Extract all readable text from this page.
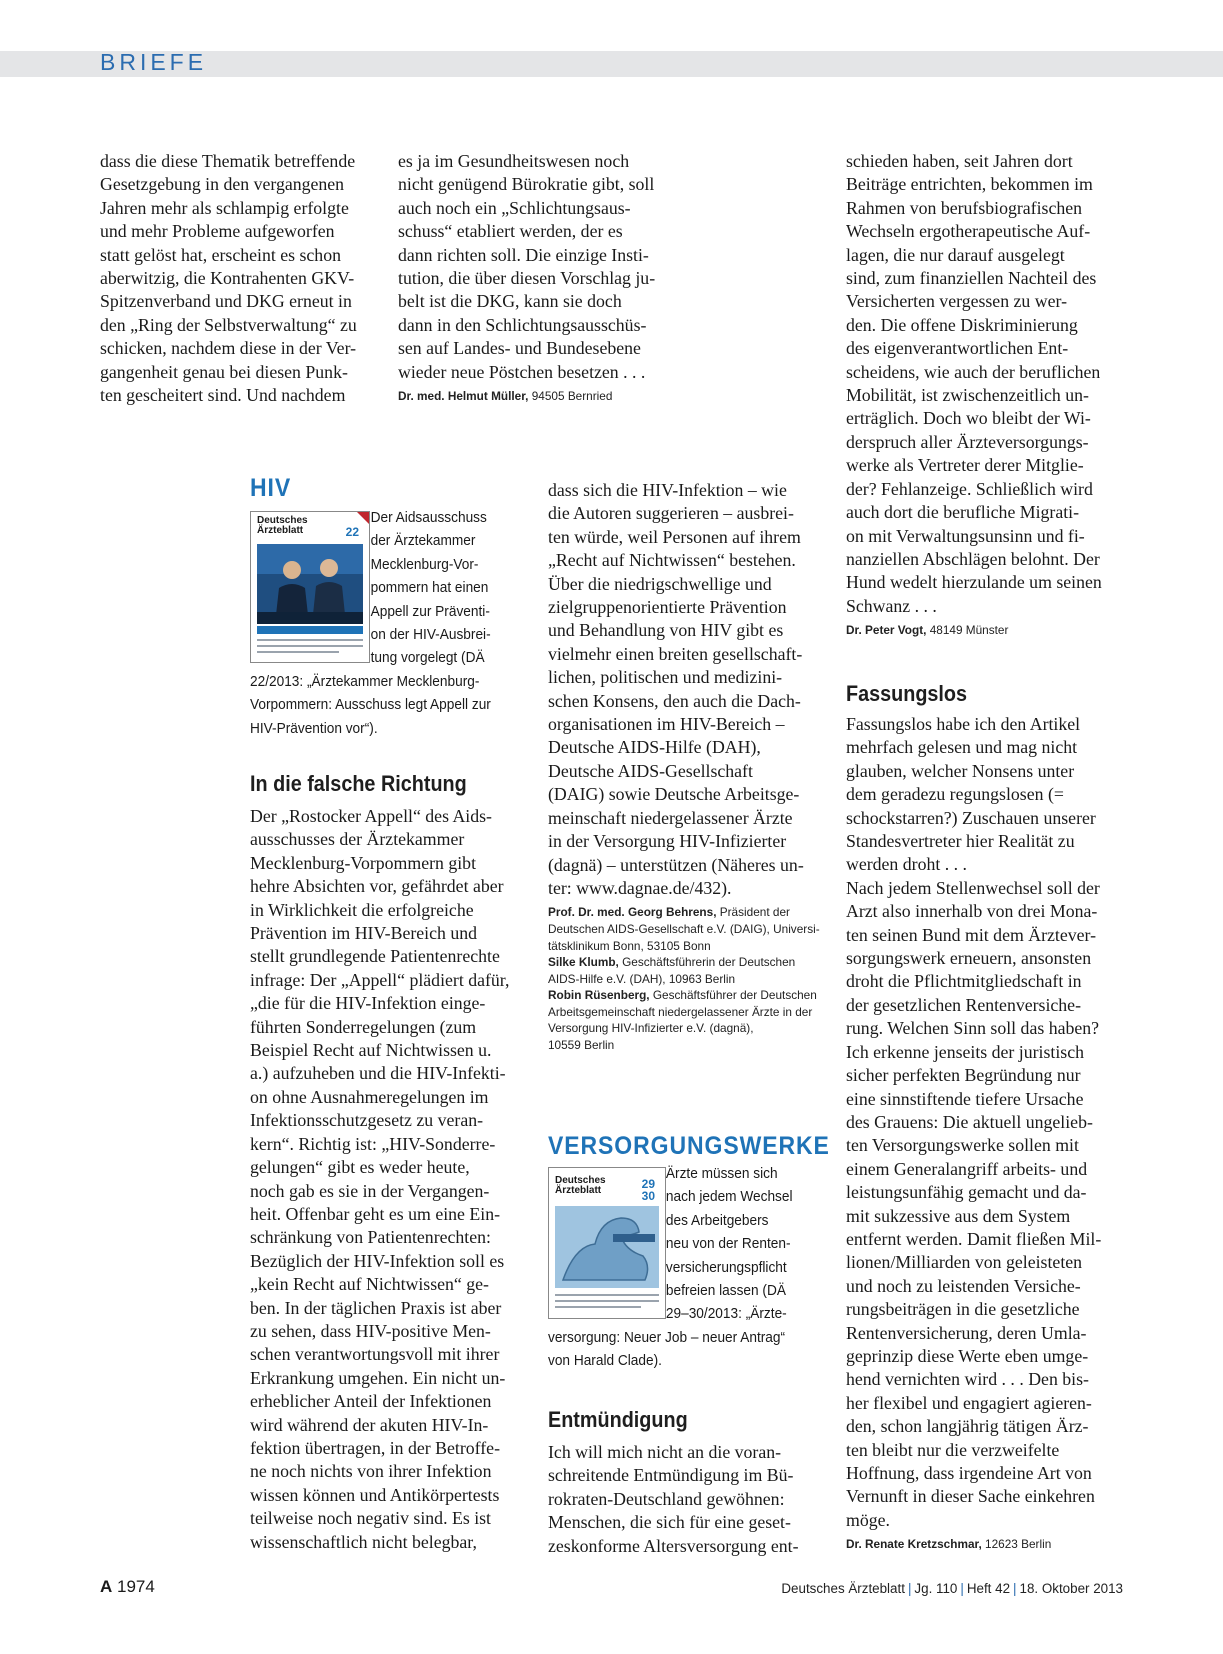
BRIEFE
dass die diese Thematik betreffende
Gesetzgebung in den vergangenen
Jahren mehr als schlampig erfolgte
und mehr Probleme aufgeworfen
statt gelöst hat, erscheint es schon
aberwitzig, die Kontrahenten GKV-
Spitzenverband und DKG erneut in
den „Ring der Selbstverwaltung“ zu
schicken, nachdem diese in der Ver-
gangenheit genau bei diesen Punk-
ten gescheitert sind. Und nachdem
es ja im Gesundheitswesen noch
nicht genügend Bürokratie gibt, soll
auch noch ein „Schlichtungsaus-
schuss“ etabliert werden, der es
dann richten soll. Die einzige Insti-
tution, die über diesen Vorschlag ju-
belt ist die DKG, kann sie doch
dann in den Schlichtungsausschüs-
sen auf Landes- und Bundesebene
wieder neue Pöstchen besetzen . . .
Dr. med. Helmut Müller, 94505 Bernried
HIV
Deutsches
Ärzteblatt	22
Der Aidsausschuss
der Ärztekammer
Mecklenburg-Vor-
pommern hat einen
Appell zur Präventi-
on der HIV-Ausbrei-
tung vorgelegt (DÄ
22/2013: „Ärztekammer Mecklenburg-
Vorpommern: Ausschuss legt Appell zur
HIV-Prävention vor“).
In die falsche Richtung
Der „Rostocker Appell“ des Aids-
ausschusses der Ärztekammer
Mecklenburg-Vorpommern gibt
hehre Absichten vor, gefährdet aber
in Wirklichkeit die erfolgreiche
Prävention im HIV-Bereich und
stellt grundlegende Patientenrechte
infrage: Der „Appell“ plädiert dafür,
„die für die HIV-Infektion einge-
führten Sonderregelungen (zum
Beispiel Recht auf Nichtwissen u.
a.) aufzuheben und die HIV-Infekti-
on ohne Ausnahmeregelungen im
Infektionsschutzgesetz zu veran-
kern“. Richtig ist: „HIV-Sonderre-
gelungen“ gibt es weder heute,
noch gab es sie in der Vergangen-
heit. Offenbar geht es um eine Ein-
schränkung von Patientenrechten:
Bezüglich der HIV-Infektion soll es
„kein Recht auf Nichtwissen“ ge-
ben. In der täglichen Praxis ist aber
zu sehen, dass HIV-positive Men-
schen verantwortungsvoll mit ihrer
Erkrankung umgehen. Ein nicht un-
erheblicher Anteil der Infektionen
wird während der akuten HIV-In-
fektion übertragen, in der Betroffe-
ne noch nichts von ihrer Infektion
wissen können und Antikörpertests
teilweise noch negativ sind. Es ist
wissenschaftlich nicht belegbar,
dass sich die HIV-Infektion – wie
die Autoren suggerieren – ausbrei-
ten würde, weil Personen auf ihrem
„Recht auf Nichtwissen“ bestehen.
Über die niedrigschwellige und
zielgruppenorientierte Prävention
und Behandlung von HIV gibt es
vielmehr einen breiten gesellschaft-
lichen, politischen und medizini-
schen Konsens, den auch die Dach-
organisationen im HIV-Bereich –
Deutsche AIDS-Hilfe (DAH),
Deutsche AIDS-Gesellschaft
(DAIG) sowie Deutsche Arbeitsge-
meinschaft niedergelassener Ärzte
in der Versorgung HIV-Infizierter
(dagnä) – unterstützen (Näheres un-
ter: www.dagnae.de/432).
Prof. Dr. med. Georg Behrens, Präsident der
Deutschen AIDS-Gesellschaft e.V. (DAIG), Universi-
tätsklinikum Bonn, 53105 Bonn
Silke Klumb, Geschäftsführerin der Deutschen
AIDS-Hilfe e.V. (DAH), 10963 Berlin
Robin Rüsenberg, Geschäftsführer der Deutschen
Arbeitsgemeinschaft niedergelassener Ärzte in der
Versorgung HIV-Infizierter e.V. (dagnä),
10559 Berlin
VERSORGUNGSWERKE
Deutsches
Ärzteblatt	29
30
Ärzte müssen sich
nach jedem Wechsel
des Arbeitgebers
neu von der Renten-
versicherungspflicht
befreien lassen (DÄ
29–30/2013: „Ärzte-
versorgung: Neuer Job – neuer Antrag“
von Harald Clade).
Entmündigung
Ich will mich nicht an die voran-
schreitende Entmündigung im Bü-
rokraten-Deutschland gewöhnen:
Menschen, die sich für eine geset-
zeskonforme Altersversorgung ent-
schieden haben, seit Jahren dort
Beiträge entrichten, bekommen im
Rahmen von berufsbiografischen
Wechseln ergotherapeutische Auf-
lagen, die nur darauf ausgelegt
sind, zum finanziellen Nachteil des
Versicherten vergessen zu wer-
den. Die offene Diskriminierung
des eigenverantwortlichen Ent-
scheidens, wie auch der beruflichen
Mobilität, ist zwischenzeitlich un-
erträglich. Doch wo bleibt der Wi-
derspruch aller Ärzteversorgungs-
werke als Vertreter derer Mitglie-
der? Fehlanzeige. Schließlich wird
auch dort die berufliche Migrati-
on mit Verwaltungsunsinn und fi-
nanziellen Abschlägen belohnt. Der
Hund wedelt hierzulande um seinen
Schwanz . . .
Dr. Peter Vogt, 48149 Münster
Fassungslos
Fassungslos habe ich den Artikel
mehrfach gelesen und mag nicht
glauben, welcher Nonsens unter
dem geradezu regungslosen (=
schockstarren?) Zuschauen unserer
Standesvertreter hier Realität zu
werden droht . . .
Nach jedem Stellenwechsel soll der
Arzt also innerhalb von drei Mona-
ten seinen Bund mit dem Ärztever-
sorgungswerk erneuern, ansonsten
droht die Pflichtmitgliedschaft in
der gesetzlichen Rentenversiche-
rung. Welchen Sinn soll das haben?
Ich erkenne jenseits der juristisch
sicher perfekten Begründung nur
eine sinnstiftende tiefere Ursache
des Grauens: Die aktuell ungelieb-
ten Versorgungswerke sollen mit
einem Generalangriff arbeits- und
leistungsunfähig gemacht und da-
mit sukzessive aus dem System
entfernt werden. Damit fließen Mil-
lionen/Milliarden von geleisteten
und noch zu leistenden Versiche-
rungsbeiträgen in die gesetzliche
Rentenversicherung, deren Umla-
geprinzip diese Werte eben umge-
hend vernichten wird . . . Den bis-
her flexibel und engagiert agieren-
den, schon langjährig tätigen Ärz-
ten bleibt nur die verzweifelte
Hoffnung, dass irgendeine Art von
Vernunft in dieser Sache einkehren
möge.
Dr. Renate Kretzschmar, 12623 Berlin
A 1974	Deutsches Ärzteblatt | Jg. 110 | Heft 42 | 18. Oktober 2013
